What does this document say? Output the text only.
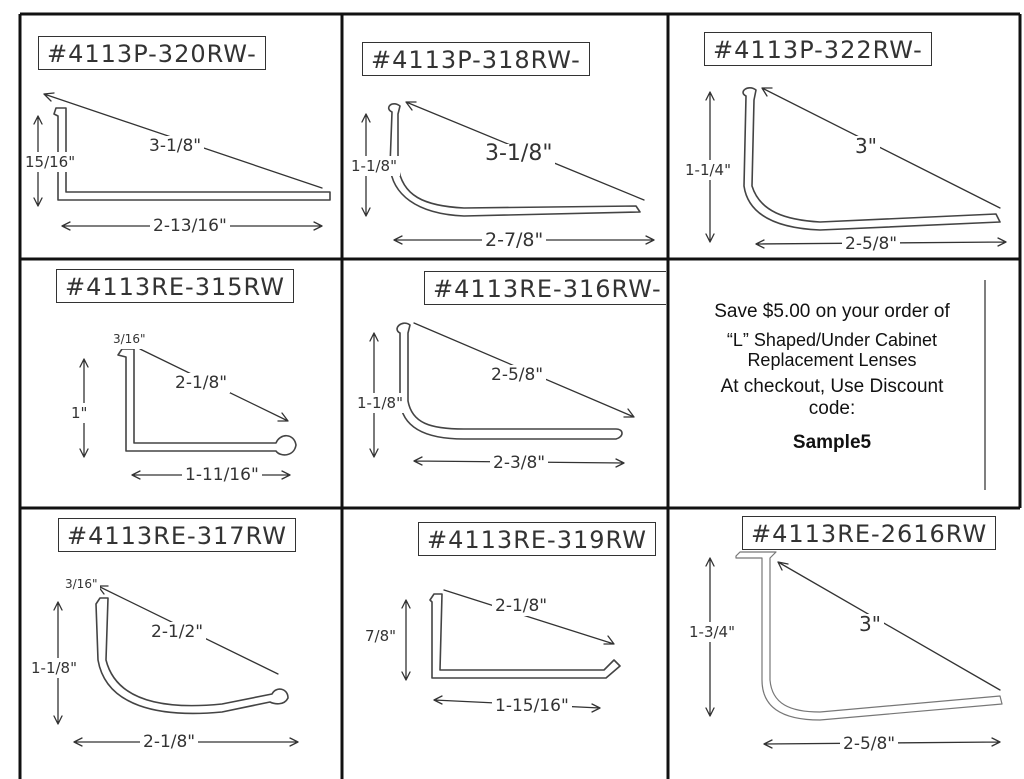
#4113P-320RW-
3-1/8"
2-13/16"
15/16"
#4113P-318RW-
3-1/8"
2-7/8"
1-1/8"
#4113P-322RW-
3"
2-5/8"
1-1/4"
#4113RE-315RW
2-1/8"
1-11/16"
1"
3/16"
#4113RE-316RW-
2-5/8"
2-3/8"
1-1/8"
Save $5.00 on your order of
“L” Shaped/Under Cabinet
Replacement Lenses
At checkout, Use Discount
code:
Sample5
#4113RE-317RW
2-1/2"
2-1/8"
1-1/8"
3/16"
#4113RE-319RW
2-1/8"
1-15/16"
7/8"
#4113RE-2616RW
3"
2-5/8"
1-3/4"
